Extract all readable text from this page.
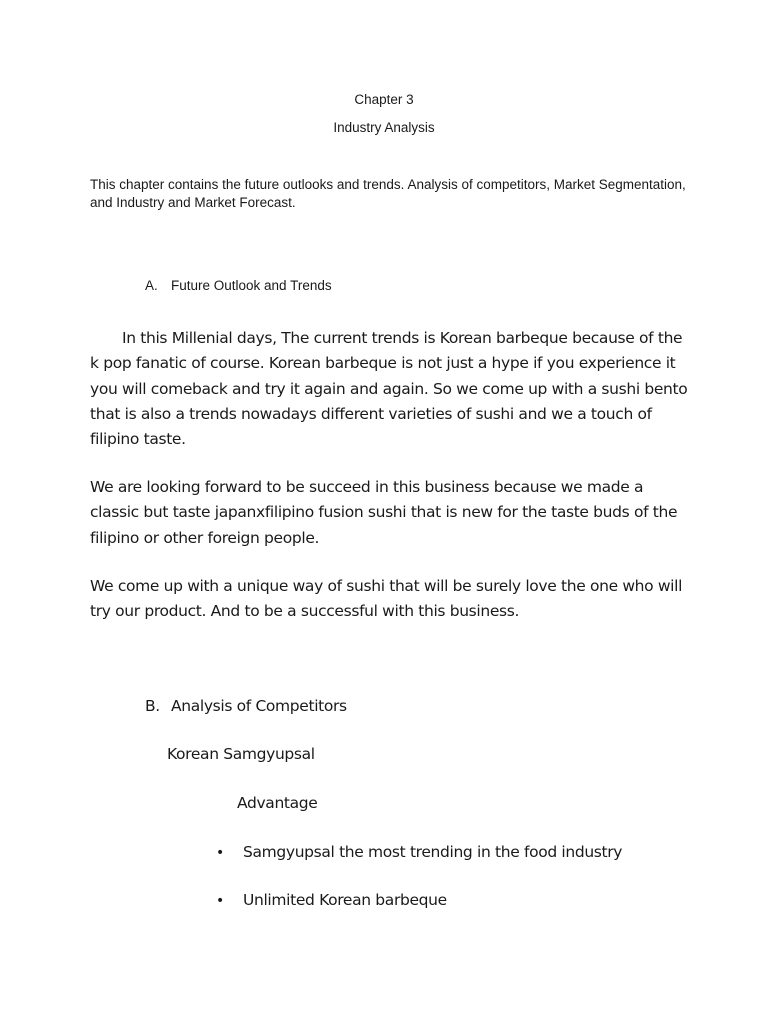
Chapter 3
Industry Analysis
This chapter contains the future outlooks and trends. Analysis of competitors, Market Segmentation, and Industry and Market Forecast.
A. Future Outlook and Trends
In this Millenial days, The current trends is Korean barbeque because of the k pop fanatic of course. Korean barbeque is not just a hype if you experience it you will comeback and try it again and again. So we come up with a sushi bento that is also a trends nowadays different varieties of sushi and we a touch of filipino taste.
We are looking forward to be succeed in this business because we made a classic but taste japanxfilipino fusion sushi that is new for the taste buds of the filipino or other foreign people.
We come up with a unique way of sushi that will be surely love the one who will try our product. And to be a successful with this business.
B. Analysis of Competitors
Korean Samgyupsal
Advantage
• Samgyupsal the most trending in the food industry
• Unlimited Korean barbeque
